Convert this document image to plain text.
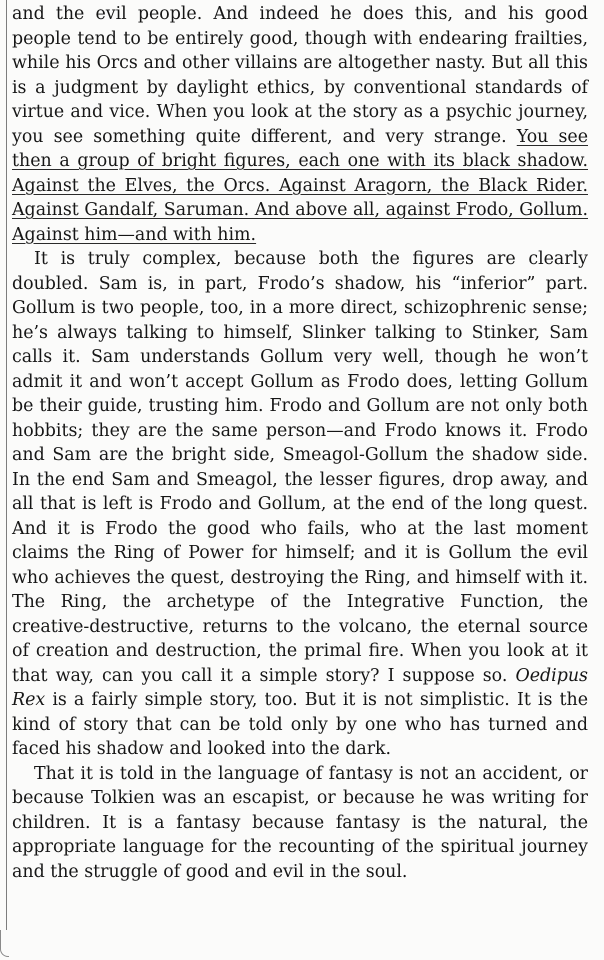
and the evil people. And indeed he does this, and his good people tend to be entirely good, though with endearing frailties, while his Orcs and other villains are altogether nasty. But all this is a judgment by daylight ethics, by conventional standards of virtue and vice. When you look at the story as a psychic journey, you see something quite different, and very strange. You see then a group of bright figures, each one with its black shadow. Against the Elves, the Orcs. Against Aragorn, the Black Rider. Against Gandalf, Saruman. And above all, against Frodo, Gollum. Against him—and with him.

It is truly complex, because both the figures are clearly doubled. Sam is, in part, Frodo’s shadow, his “inferior” part. Gollum is two people, too, in a more direct, schizophrenic sense; he’s always talking to himself, Slinker talking to Stinker, Sam calls it. Sam understands Gollum very well, though he won’t admit it and won’t accept Gollum as Frodo does, letting Gollum be their guide, trusting him. Frodo and Gollum are not only both hobbits; they are the same person—and Frodo knows it. Frodo and Sam are the bright side, Smeagol-Gollum the shadow side. In the end Sam and Smeagol, the lesser figures, drop away, and all that is left is Frodo and Gollum, at the end of the long quest. And it is Frodo the good who fails, who at the last moment claims the Ring of Power for himself; and it is Gollum the evil who achieves the quest, destroying the Ring, and himself with it. The Ring, the archetype of the Integrative Function, the creative-destructive, returns to the volcano, the eternal source of creation and destruction, the primal fire. When you look at it that way, can you call it a simple story? I suppose so. Oedipus Rex is a fairly simple story, too. But it is not simplistic. It is the kind of story that can be told only by one who has turned and faced his shadow and looked into the dark.

That it is told in the language of fantasy is not an accident, or because Tolkien was an escapist, or because he was writing for children. It is a fantasy because fantasy is the natural, the appropriate language for the recounting of the spiritual journey and the struggle of good and evil in the soul.
